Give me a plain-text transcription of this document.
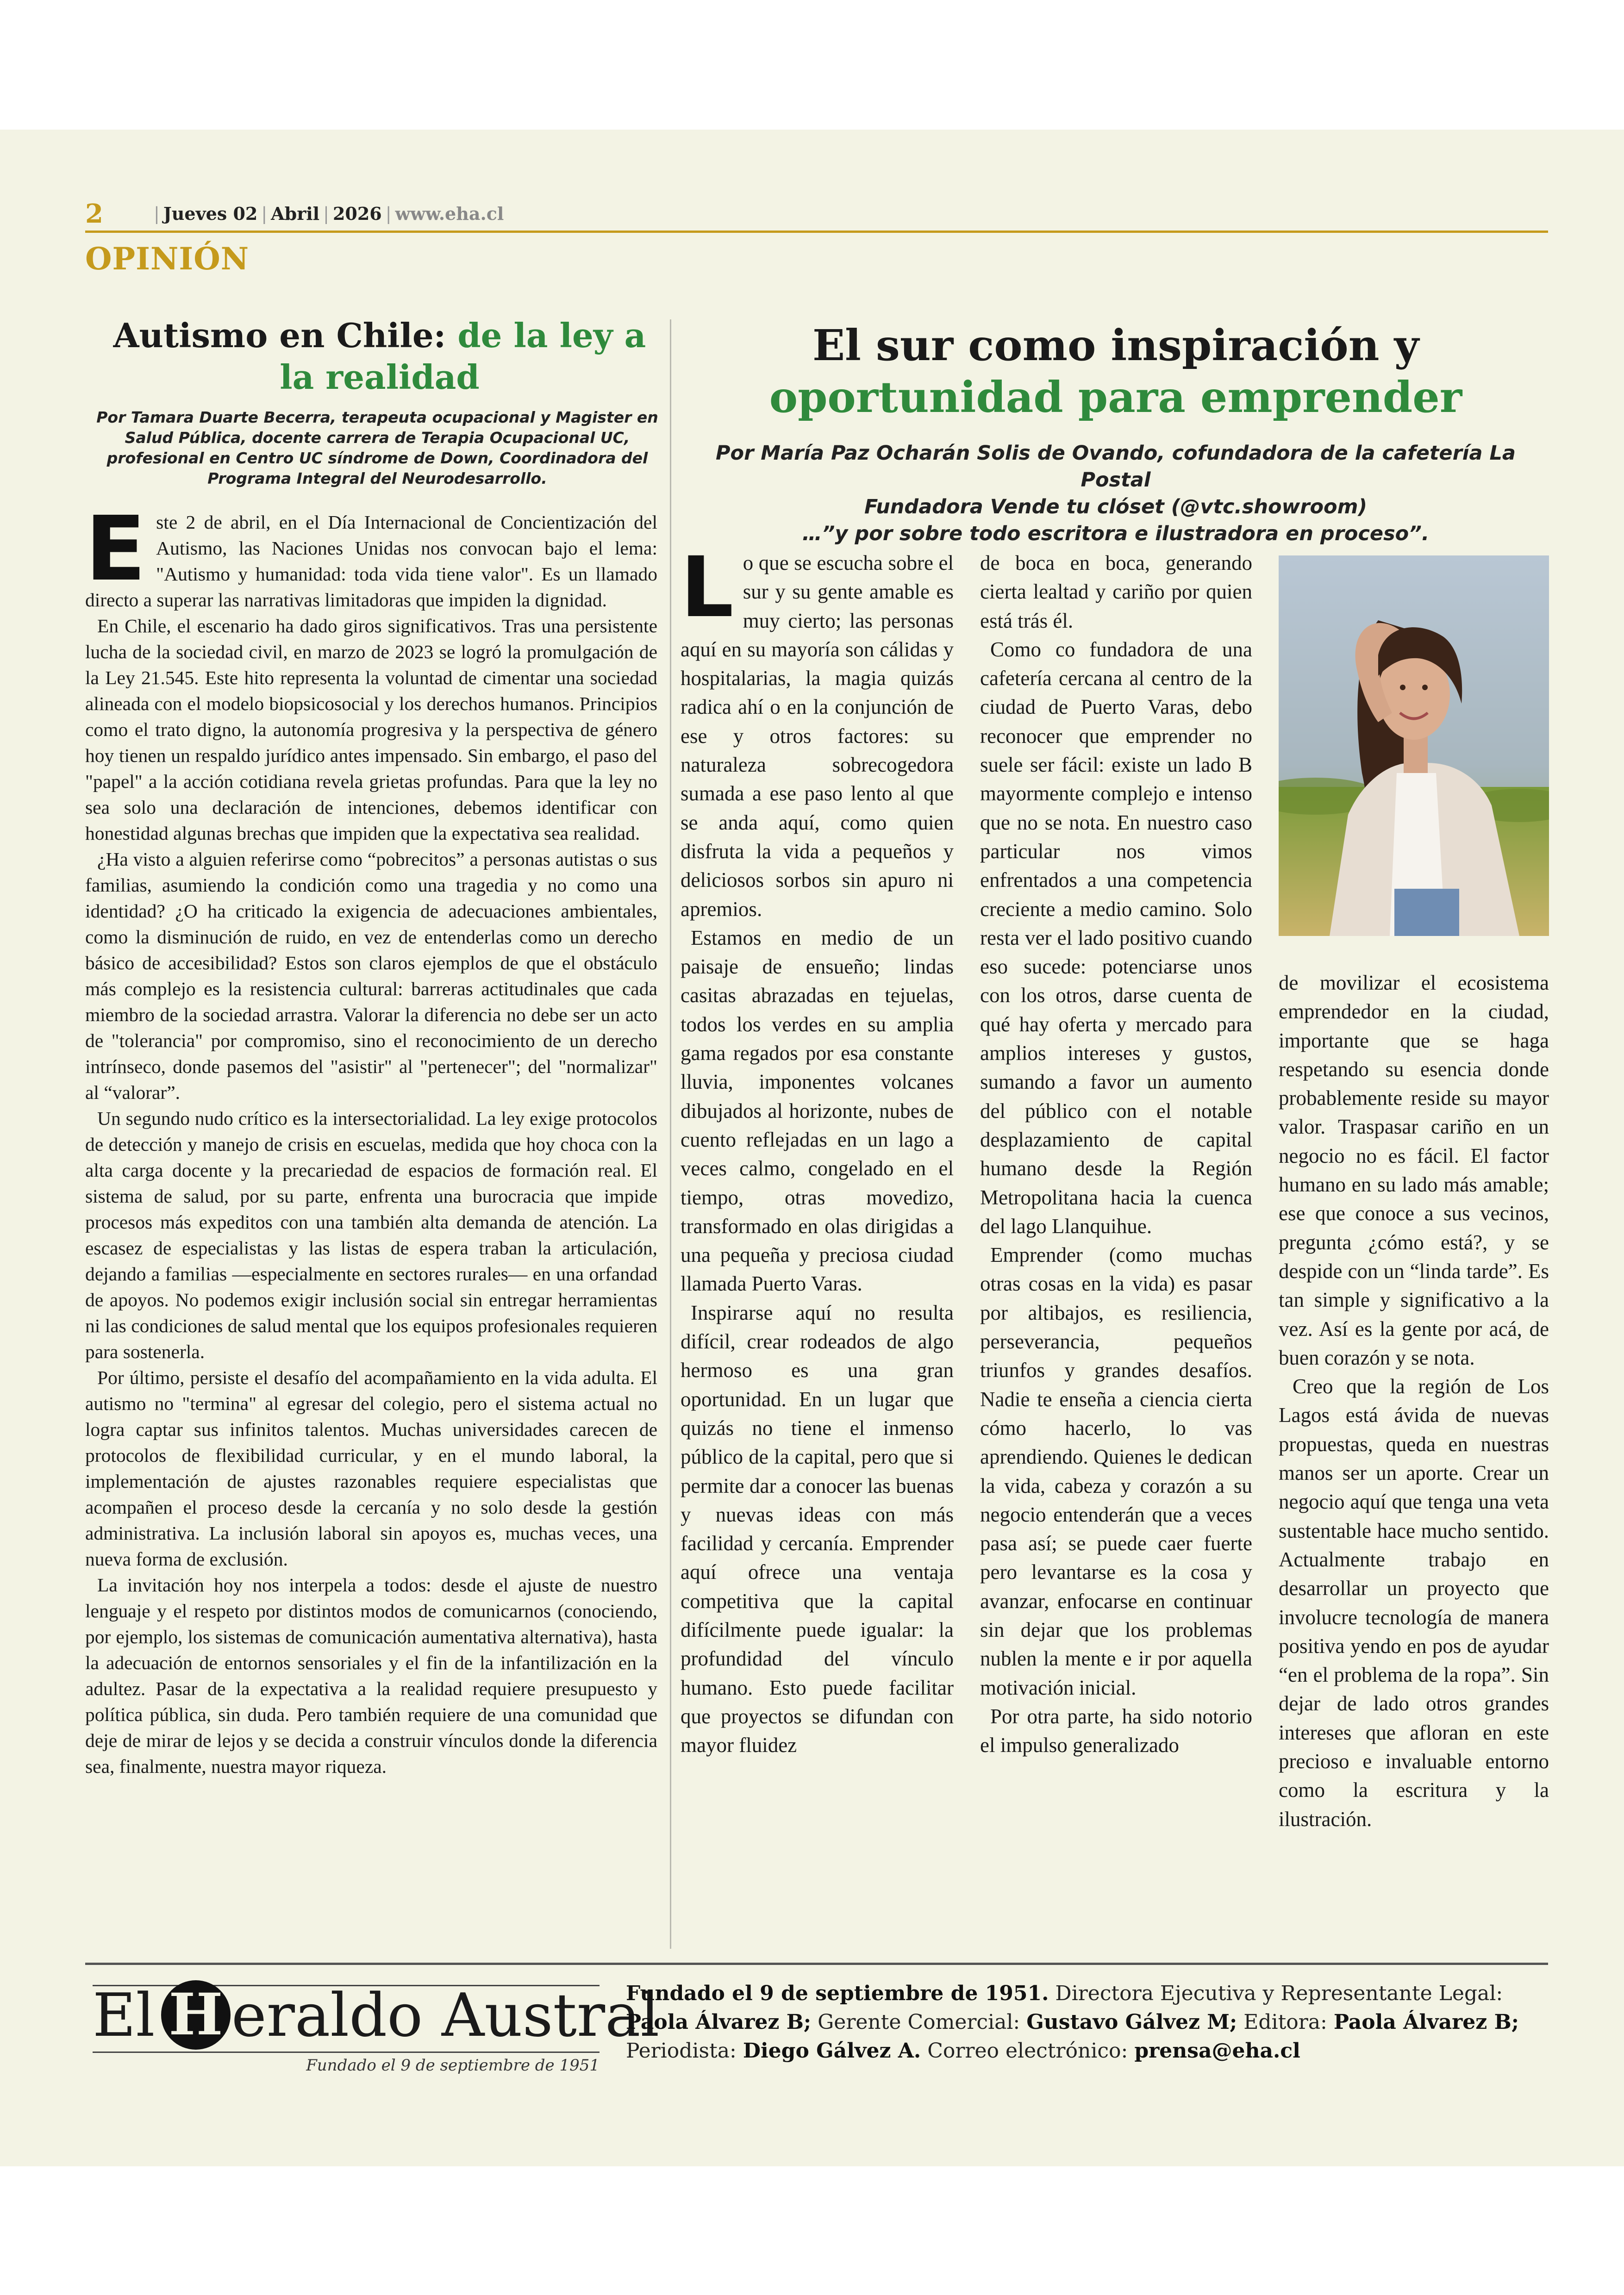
2	| Jueves 02 | Abril | 2026 | www.eha.cl
OPINIÓN
Autismo en Chile: de la ley a la realidad
Por Tamara Duarte Becerra, terapeuta ocupacional y Magister en Salud Pública, docente carrera de Terapia Ocupacional UC, profesional en Centro UC síndrome de Down, Coordinadora del Programa Integral del Neurodesarrollo.

Este 2 de abril, en el Día Internacional de Concientización del Autismo, las Naciones Unidas nos convocan bajo el lema: "Autismo y humanidad: toda vida tiene valor". Es un llamado directo a superar las narrativas limitadoras que impiden la dignidad.

En Chile, el escenario ha dado giros significativos. Tras una persistente lucha de la sociedad civil, en marzo de 2023 se logró la promulgación de la Ley 21.545. Este hito representa la voluntad de cimentar una sociedad alineada con el modelo biopsicosocial y los derechos humanos. Principios como el trato digno, la autonomía progresiva y la perspectiva de género hoy tienen un respaldo jurídico antes impensado. Sin embargo, el paso del "papel" a la acción cotidiana revela grietas profundas. Para que la ley no sea solo una declaración de intenciones, debemos identificar con honestidad algunas brechas que impiden que la expectativa sea realidad.

¿Ha visto a alguien referirse como “pobrecitos” a personas autistas o sus familias, asumiendo la condición como una tragedia y no como una identidad? ¿O ha criticado la exigencia de adecuaciones ambientales, como la disminución de ruido, en vez de entenderlas como un derecho básico de accesibilidad? Estos son claros ejemplos de que el obstáculo más complejo es la resistencia cultural: barreras actitudinales que cada miembro de la sociedad arrastra. Valorar la diferencia no debe ser un acto de "tolerancia" por compromiso, sino el reconocimiento de un derecho intrínseco, donde pasemos del "asistir" al "pertenecer"; del "normalizar" al “valorar”.

Un segundo nudo crítico es la intersectorialidad. La ley exige protocolos de detección y manejo de crisis en escuelas, medida que hoy choca con la alta carga docente y la precariedad de espacios de formación real. El sistema de salud, por su parte, enfrenta una burocracia que impide procesos más expeditos con una también alta demanda de atención. La escasez de especialistas y las listas de espera traban la articulación, dejando a familias —especialmente en sectores rurales— en una orfandad de apoyos. No podemos exigir inclusión social sin entregar herramientas ni las condiciones de salud mental que los equipos profesionales requieren para sostenerla.

Por último, persiste el desafío del acompañamiento en la vida adulta. El autismo no "termina" al egresar del colegio, pero el sistema actual no logra captar sus infinitos talentos. Muchas universidades carecen de protocolos de flexibilidad curricular, y en el mundo laboral, la implementación de ajustes razonables requiere especialistas que acompañen el proceso desde la cercanía y no solo desde la gestión administrativa. La inclusión laboral sin apoyos es, muchas veces, una nueva forma de exclusión.

La invitación hoy nos interpela a todos: desde el ajuste de nuestro lenguaje y el respeto por distintos modos de comunicarnos (conociendo, por ejemplo, los sistemas de comunicación aumentativa alternativa), hasta la adecuación de entornos sensoriales y el fin de la infantilización en la adultez. Pasar de la expectativa a la realidad requiere presupuesto y política pública, sin duda. Pero también requiere de una comunidad que deje de mirar de lejos y se decida a construir vínculos donde la diferencia sea, finalmente, nuestra mayor riqueza.

El sur como inspiración y
oportunidad para emprender
Por María Paz Ocharán Solis de Ovando, cofundadora de la cafetería La Postal
Fundadora Vende tu clóset (@vtc.showroom)
…”y por sobre todo escritora e ilustradora en proceso”.

Lo que se escucha sobre el sur y su gente amable es muy cierto; las personas aquí en su mayoría son cálidas y hospitalarias, la magia quizás radica ahí o en la conjunción de ese y otros factores: su naturaleza sobrecogedora sumada a ese paso lento al que se anda aquí, como quien disfruta la vida a pequeños y deliciosos sorbos sin apuro ni apremios.

Estamos en medio de un paisaje de ensueño; lindas casitas abrazadas en tejuelas, todos los verdes en su amplia gama regados por esa constante lluvia, imponentes volcanes dibujados al horizonte, nubes de cuento reflejadas en un lago a veces calmo, congelado en el tiempo, otras movedizo, transformado en olas dirigidas a una pequeña y preciosa ciudad llamada Puerto Varas.

Inspirarse aquí no resulta difícil, crear rodeados de algo hermoso es una gran oportunidad. En un lugar que quizás no tiene el inmenso público de la capital, pero que si permite dar a conocer las buenas y nuevas ideas con más facilidad y cercanía. Emprender aquí ofrece una ventaja competitiva que la capital difícilmente puede igualar: la profundidad del vínculo humano. Esto puede facilitar que proyectos se difundan con mayor fluidez

de boca en boca, generando cierta lealtad y cariño por quien está trás él.

Como co fundadora de una cafetería cercana al centro de la ciudad de Puerto Varas, debo reconocer que emprender no suele ser fácil: existe un lado B mayormente complejo e intenso que no se nota. En nuestro caso particular nos vimos enfrentados a una competencia creciente a medio camino. Solo resta ver el lado positivo cuando eso sucede: potenciarse unos con los otros, darse cuenta de qué hay oferta y mercado para amplios intereses y gustos, sumando a favor un aumento del público con el notable desplazamiento de capital humano desde la Región Metropolitana hacia la cuenca del lago Llanquihue.

Emprender (como muchas otras cosas en la vida) es pasar por altibajos, es resiliencia, perseverancia, pequeños triunfos y grandes desafíos. Nadie te enseña a ciencia cierta cómo hacerlo, lo vas aprendiendo. Quienes le dedican la vida, cabeza y corazón a su negocio entenderán que a veces pasa así; se puede caer fuerte pero levantarse es la cosa y avanzar, enfocarse en continuar sin dejar que los problemas nublen la mente e ir por aquella motivación inicial.

Por otra parte, ha sido notorio el impulso generalizado

de movilizar el ecosistema emprendedor en la ciudad, importante que se haga respetando su esencia donde probablemente reside su mayor valor. Traspasar cariño en un negocio no es fácil. El factor humano en su lado más amable; ese que conoce a sus vecinos, pregunta ¿cómo está?, y se despide con un “linda tarde”. Es tan simple y significativo a la vez. Así es la gente por acá, de buen corazón y se nota.

Creo que la región de Los Lagos está ávida de nuevas propuestas, queda en nuestras manos ser un aporte. Crear un negocio aquí que tenga una veta sustentable hace mucho sentido. Actualmente trabajo en desarrollar un proyecto que involucre tecnología de manera positiva yendo en pos de ayudar “en el problema de la ropa”. Sin dejar de lado otros grandes intereses que afloran en este precioso e invaluable entorno como la escritura y la ilustración.

El H eraldo Austral
Fundado el 9 de septiembre de 1951
Fundado el 9 de septiembre de 1951. Directora Ejecutiva y Representante Legal:
Paola Álvarez B; Gerente Comercial: Gustavo Gálvez M; Editora: Paola Álvarez B;
Periodista: Diego Gálvez A. Correo electrónico: prensa@eha.cl
